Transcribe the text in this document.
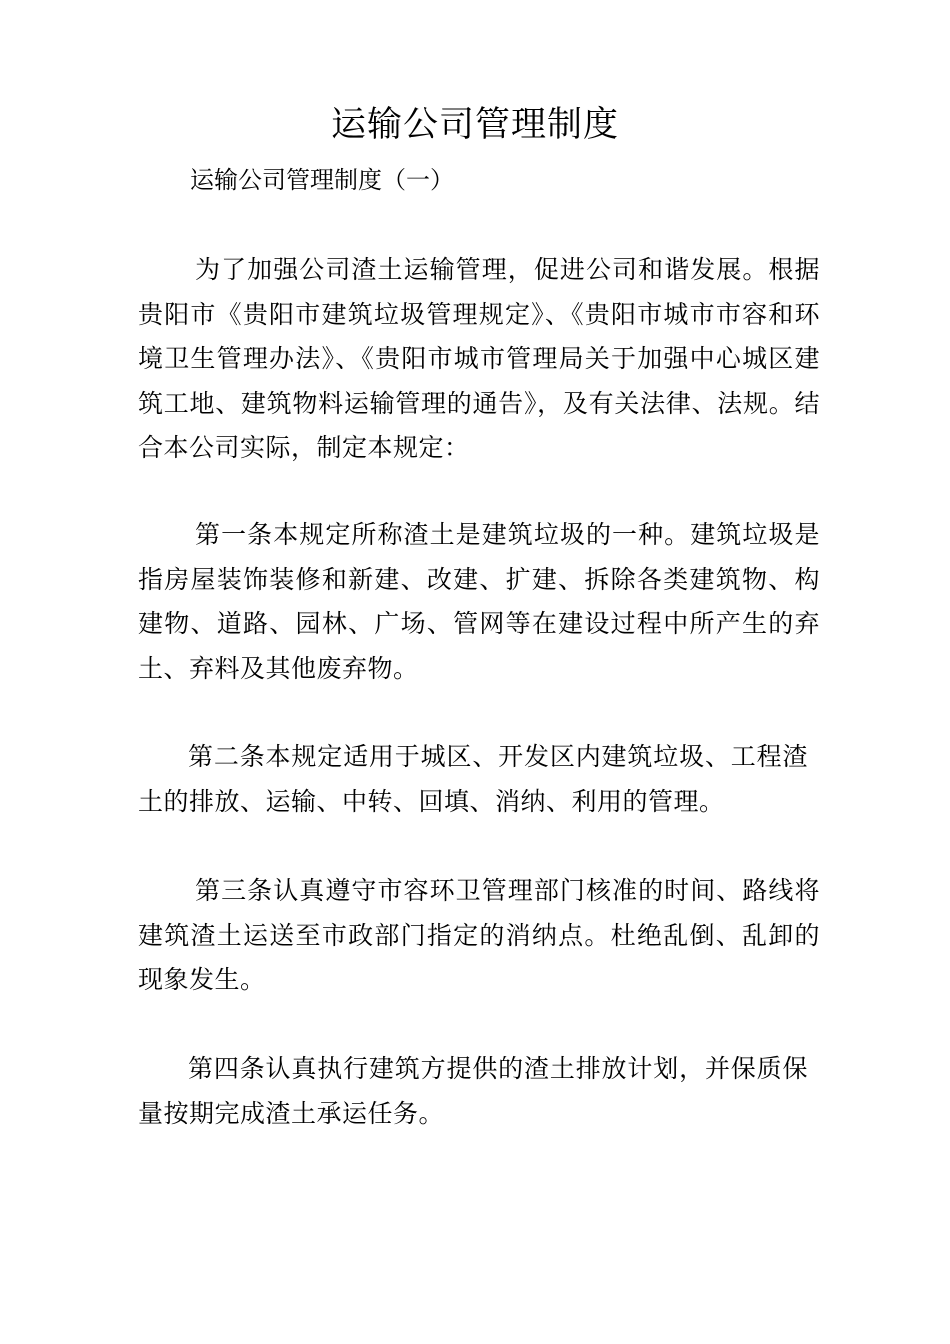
运输公司管理制度
运输公司管理制度（一）
为了加强公司渣土运输管理，促进公司和谐发展。根据贵阳市《贵阳市建筑垃圾管理规定》、《贵阳市城市市容和环境卫生管理办法》、《贵阳市城市管理局关于加强中心城区建筑工地、建筑物料运输管理的通告》，及有关法律、法规。结合本公司实际，制定本规定：
第一条本规定所称渣土是建筑垃圾的一种。建筑垃圾是指房屋装饰装修和新建、改建、扩建、拆除各类建筑物、构建物、道路、园林、广场、管网等在建设过程中所产生的弃土、弃料及其他废弃物。
第二条本规定适用于城区、开发区内建筑垃圾、工程渣土的排放、运输、中转、回填、消纳、利用的管理。
第三条认真遵守市容环卫管理部门核准的时间、路线将建筑渣土运送至市政部门指定的消纳点。杜绝乱倒、乱卸的现象发生。
第四条认真执行建筑方提供的渣土排放计划，并保质保量按期完成渣土承运任务。
